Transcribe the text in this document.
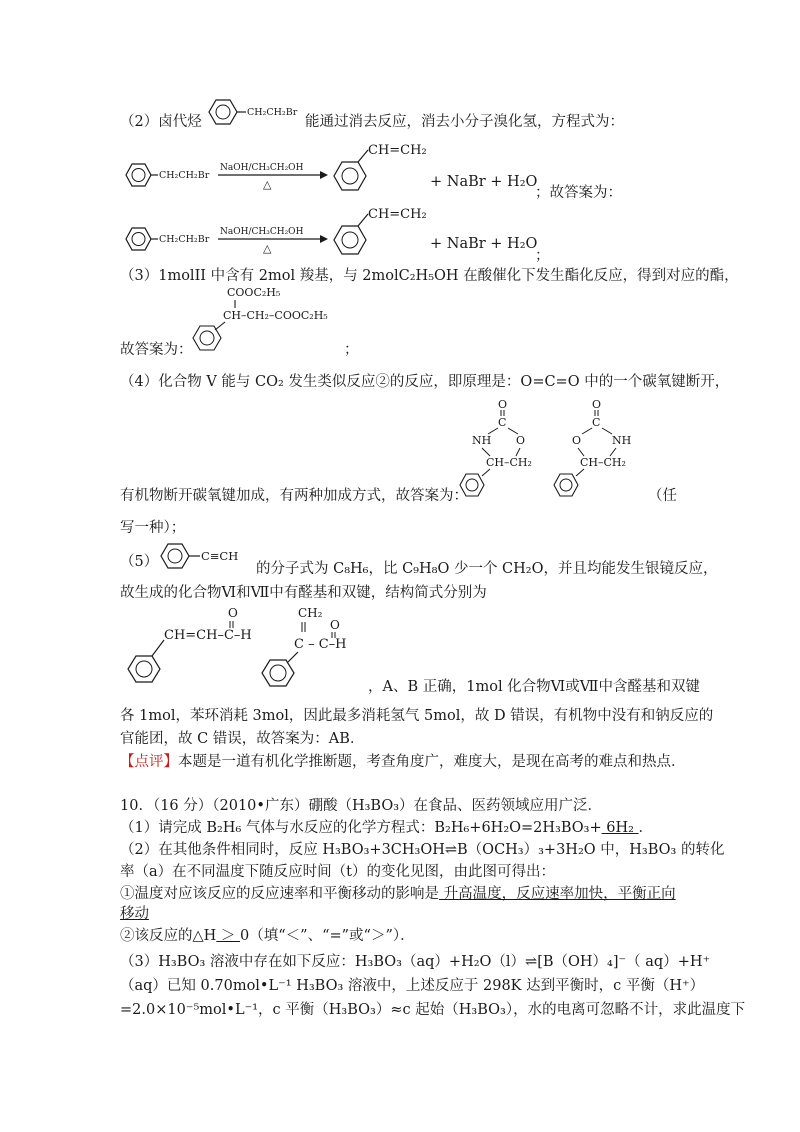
（2）卤代烃
CH₂CH₂Br
能通过消去反应，消去小分子溴化氢，方程式为：
CH₂CH₂Br
NaOH/CH₃CH₂OH
△
CH=CH₂
+ NaBr + H₂O
；故答案为：
CH₂CH₂Br
NaOH/CH₃CH₂OH
△
CH=CH₂
+ NaBr + H₂O
；
（3）1molII 中含有 2mol 羧基，与 2molC₂H₅OH 在酸催化下发生酯化反应，得到对应的酯，
COOC₂H₅
CH–CH₂–COOC₂H₅
故答案为：	；
（4）化合物 V 能与 CO₂ 发生类似反应②的反应，即原理是：O=C=O 中的一个碳氧键断开，
O
C
NH O
CH–CH₂
O
C
O	NH
CH–CH₂
有机物断开碳氧键加成，有两种加成方式，故答案为：	（任
写一种）；
（5）	C≡CH
的分子式为 C₈H₆，比 C₉H₈O 少一个 CH₂O，并且均能发生银镜反应，
故生成的化合物Ⅵ和Ⅶ中有醛基和双键，结构简式分别为
CH=CH–C–H
O	CH₂
C – C–H
O
，A、B 正确，1mol 化合物Ⅵ或Ⅶ中含醛基和双键
各 1mol，苯环消耗 3mol，因此最多消耗氢气 5mol，故 D 错误，有机物中没有和钠反应的
官能团，故 C 错误，故答案为：AB．
【点评】本题是一道有机化学推断题，考查角度广，难度大，是现在高考的难点和热点．
10．（16 分）（2010•广东）硼酸（H₃BO₃）在食品、医药领域应用广泛．
（1）请完成 B₂H₆ 气体与水反应的化学方程式：B₂H₆+6H₂O=2H₃BO₃+ 6H₂ ．
（2）在其他条件相同时，反应 H₃BO₃+3CH₃OH⇌B（OCH₃）₃+3H₂O 中，H₃BO₃ 的转化
率（a）在不同温度下随反应时间（t）的变化见图，由此图可得出：
①温度对应该反应的反应速率和平衡移动的影响是 升高温度，反应速率加快，平衡正向
移动
②该反应的△H ＞ 0（填“＜”、“=”或“＞”）．
（3）H₃BO₃ 溶液中存在如下反应：H₃BO₃（aq）+H₂O（l）⇌[B（OH）₄]⁻（ aq）+H⁺
（aq）已知 0.70mol•L⁻¹ H₃BO₃ 溶液中，上述反应于 298K 达到平衡时，c 平衡（H⁺）
=2.0×10⁻⁵mol•L⁻¹，c 平衡（H₃BO₃）≈c 起始（H₃BO₃），水的电离可忽略不计，求此温度下
